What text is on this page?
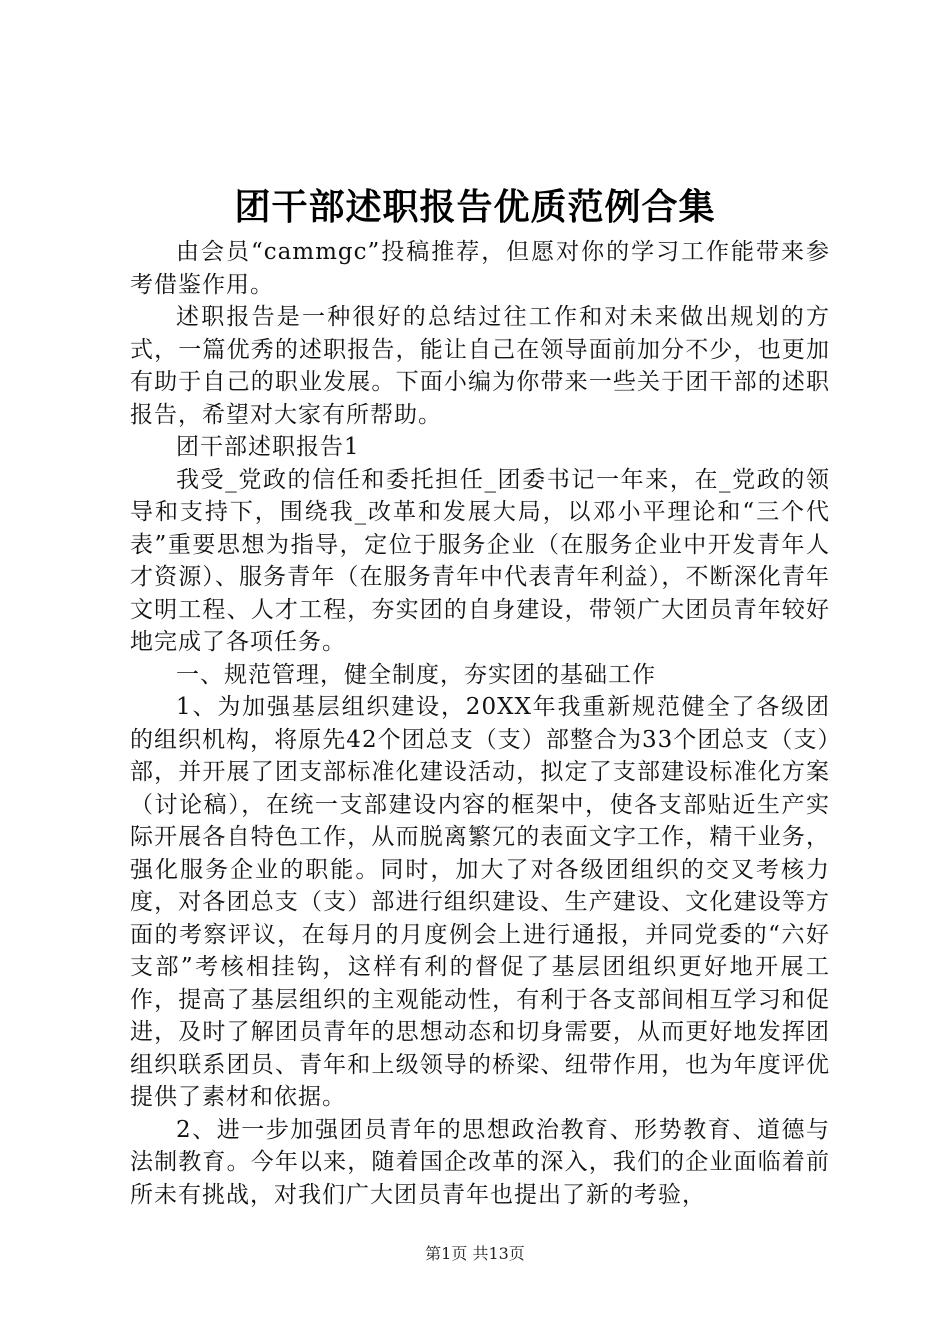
团干部述职报告优质范例合集

由会员“cammgc”投稿推荐，但愿对你的学习工作能带来参考借鉴作用。

述职报告是一种很好的总结过往工作和对未来做出规划的方式，一篇优秀的述职报告，能让自己在领导面前加分不少，也更加有助于自己的职业发展。下面小编为你带来一些关于团干部的述职报告，希望对大家有所帮助。

团干部述职报告1

我受_党政的信任和委托担任_团委书记一年来，在_党政的领导和支持下，围绕我_改革和发展大局，以邓小平理论和“三个代表”重要思想为指导，定位于服务企业（在服务企业中开发青年人才资源）、服务青年（在服务青年中代表青年利益），不断深化青年文明工程、人才工程，夯实团的自身建设，带领广大团员青年较好地完成了各项任务。

一、规范管理，健全制度，夯实团的基础工作

1、为加强基层组织建设，20XX年我重新规范健全了各级团的组织机构，将原先42个团总支（支）部整合为33个团总支（支）部，并开展了团支部标准化建设活动，拟定了支部建设标准化方案（讨论稿），在统一支部建设内容的框架中，使各支部贴近生产实际开展各自特色工作，从而脱离繁冗的表面文字工作，精干业务，强化服务企业的职能。同时，加大了对各级团组织的交叉考核力度，对各团总支（支）部进行组织建设、生产建设、文化建设等方面的考察评议，在每月的月度例会上进行通报，并同党委的“六好支部”考核相挂钩，这样有利的督促了基层团组织更好地开展工作，提高了基层组织的主观能动性，有利于各支部间相互学习和促进，及时了解团员青年的思想动态和切身需要，从而更好地发挥团组织联系团员、青年和上级领导的桥梁、纽带作用，也为年度评优提供了素材和依据。

2、进一步加强团员青年的思想政治教育、形势教育、道德与法制教育。今年以来，随着国企改革的深入，我们的企业面临着前所未有挑战，对我们广大团员青年也提出了新的考验，

第1页 共13页
